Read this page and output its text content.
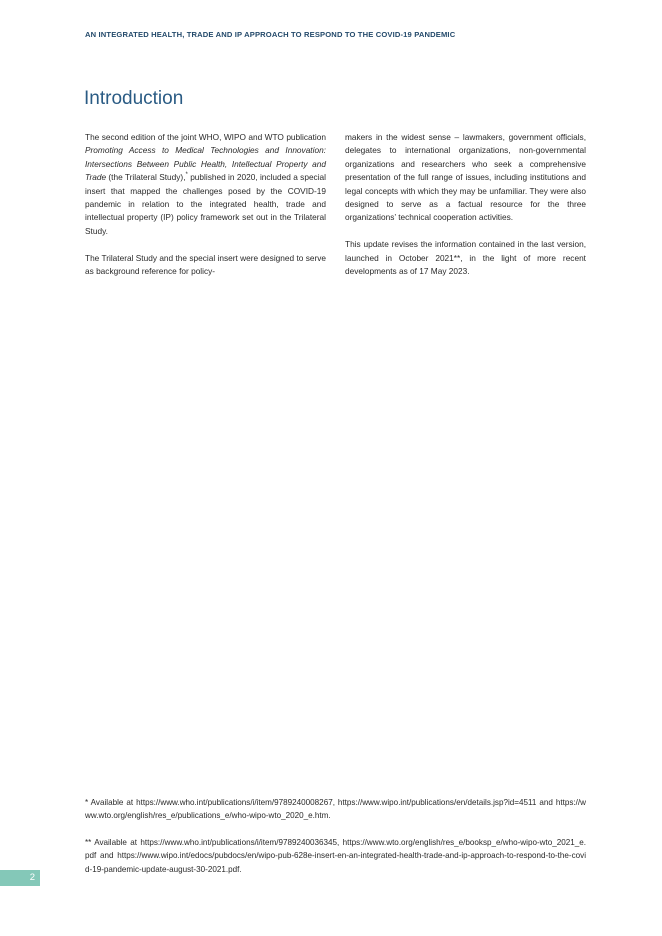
AN INTEGRATED HEALTH, TRADE AND IP APPROACH TO RESPOND TO THE COVID-19 PANDEMIC
Introduction

The second edition of the joint WHO, WIPO and WTO publication Promoting Access to Medical Technologies and Innovation: Intersections Between Public Health, Intellectual Property and Trade (the Trilateral Study),* published in 2020, included a special insert that mapped the challenges posed by the COVID-19 pandemic in relation to the integrated health, trade and intellectual property (IP) policy framework set out in the Trilateral Study.

The Trilateral Study and the special insert were designed to serve as background reference for policy-

makers in the widest sense – lawmakers, government officials, delegates to international organizations, non-governmental organizations and researchers who seek a comprehensive presentation of the full range of issues, including institutions and legal concepts with which they may be unfamiliar. They were also designed to serve as a factual resource for the three organizations’ technical cooperation activities.

This update revises the information contained in the last version, launched in October 2021**, in the light of more recent developments as of 17 May 2023.

* Available at https://www.who.int/publications/i/item/9789240008267, https://www.wipo.int/publications/en/details.jsp?id=4511 and https://www.wto.org/english/res_e/publications_e/who-wipo-wto_2020_e.htm.

** Available at https://www.who.int/publications/i/item/9789240036345, https://www.wto.org/english/res_e/booksp_e/who-wipo-wto_2021_e.pdf and https://www.wipo.int/edocs/pubdocs/en/wipo-pub-628e-insert-en-an-integrated-health-trade-and-ip-approach-to-respond-to-the-covid-19-pandemic-update-august-30-2021.pdf.

2
